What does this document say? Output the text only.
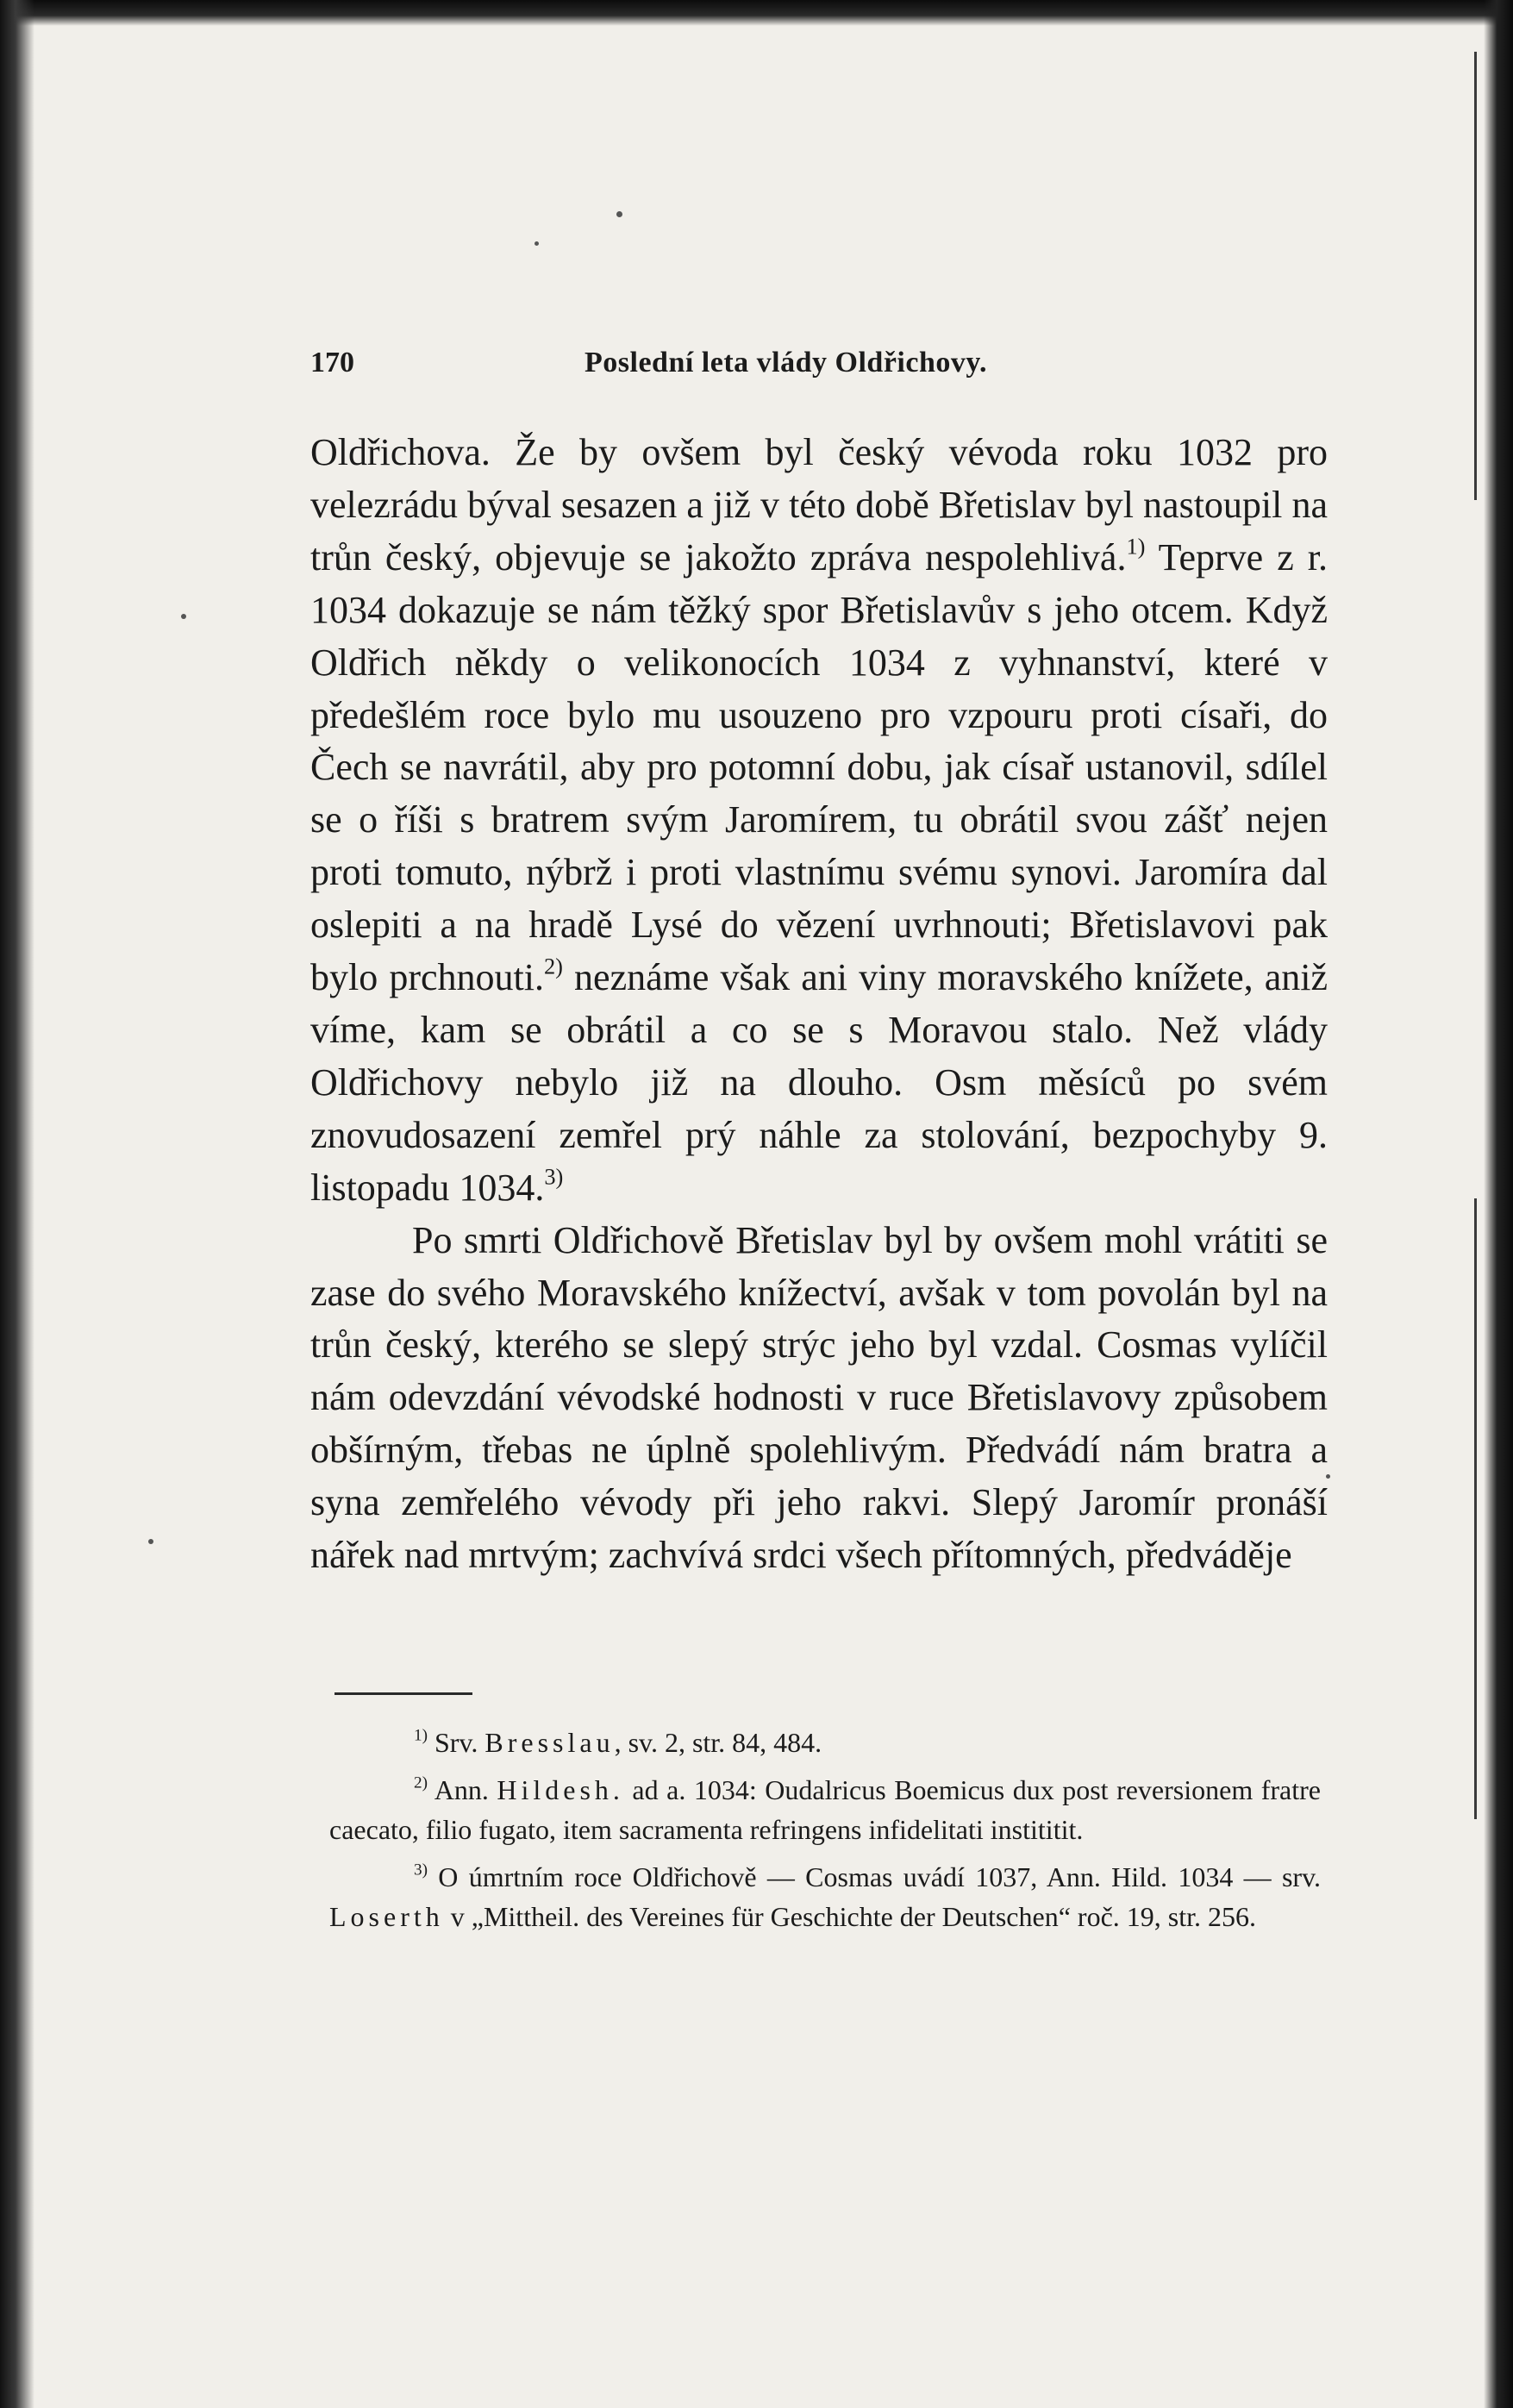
170	Poslední leta vlády Oldřichovy.

Oldřichova. Že by ovšem byl český vévoda roku 1032 pro velezrádu býval sesazen a již v této době Břetislav byl nastoupil na trůn český, objevuje se jakožto zpráva nespolehlivá.$^{1)}$ Teprve z r. 1034 dokazuje se nám těžký spor Břetislavův s jeho otcem. Když Oldřich někdy o velikonocích 1034 z vyhnanství, které v předešlém roce bylo mu usouzeno pro vzpouru proti císaři, do Čech se navrátil, aby pro potomní dobu, jak císař ustanovil, sdílel se o říši s bratrem svým Jaromírem, tu obrátil svou zášť nejen proti tomuto, nýbrž i proti vlastnímu svému synovi. Jaromíra dal oslepiti a na hradě Lysé do vězení uvrhnouti; Břetislavovi pak bylo prchnouti.$^{2)}$ neznáme však ani viny moravského knížete, aniž víme, kam se obrátil a co se s Moravou stalo. Než vlády Oldřichovy nebylo již na dlouho. Osm měsíců po svém znovudosazení zemřel prý náhle za stolování, bezpochyby 9. listopadu 1034.$^{3)}$

Po smrti Oldřichově Břetislav byl by ovšem mohl vrátiti se zase do svého Moravského knížectví, avšak v tom povolán byl na trůn český, kterého se slepý strýc jeho byl vzdal. Cosmas vylíčil nám odevzdání vévodské hodnosti v ruce Břetislavovy způsobem obšírným, třebas ne úplně spolehlivým. Předvádí nám bratra a syna zemřelého vévody při jeho rakvi. Slepý Jaromír pronáší nářek nad mrtvým; zachvívá srdci všech přítomných, předváděje

$^{1)}$ Srv. Bresslau, sv. 2, str. 84, 484.

$^{2)}$ Ann. Hildesh. ad a. 1034: Oudalricus Boemicus dux post reversionem fratre caecato, filio fugato, item sacramenta refringens infidelitati instititit.

$^{3)}$ O úmrtním roce Oldřichově — Cosmas uvádí 1037, Ann. Hild. 1034 — srv. Loserth v „Mittheil. des Vereines für Geschichte der Deutschen“ roč. 19, str. 256.
